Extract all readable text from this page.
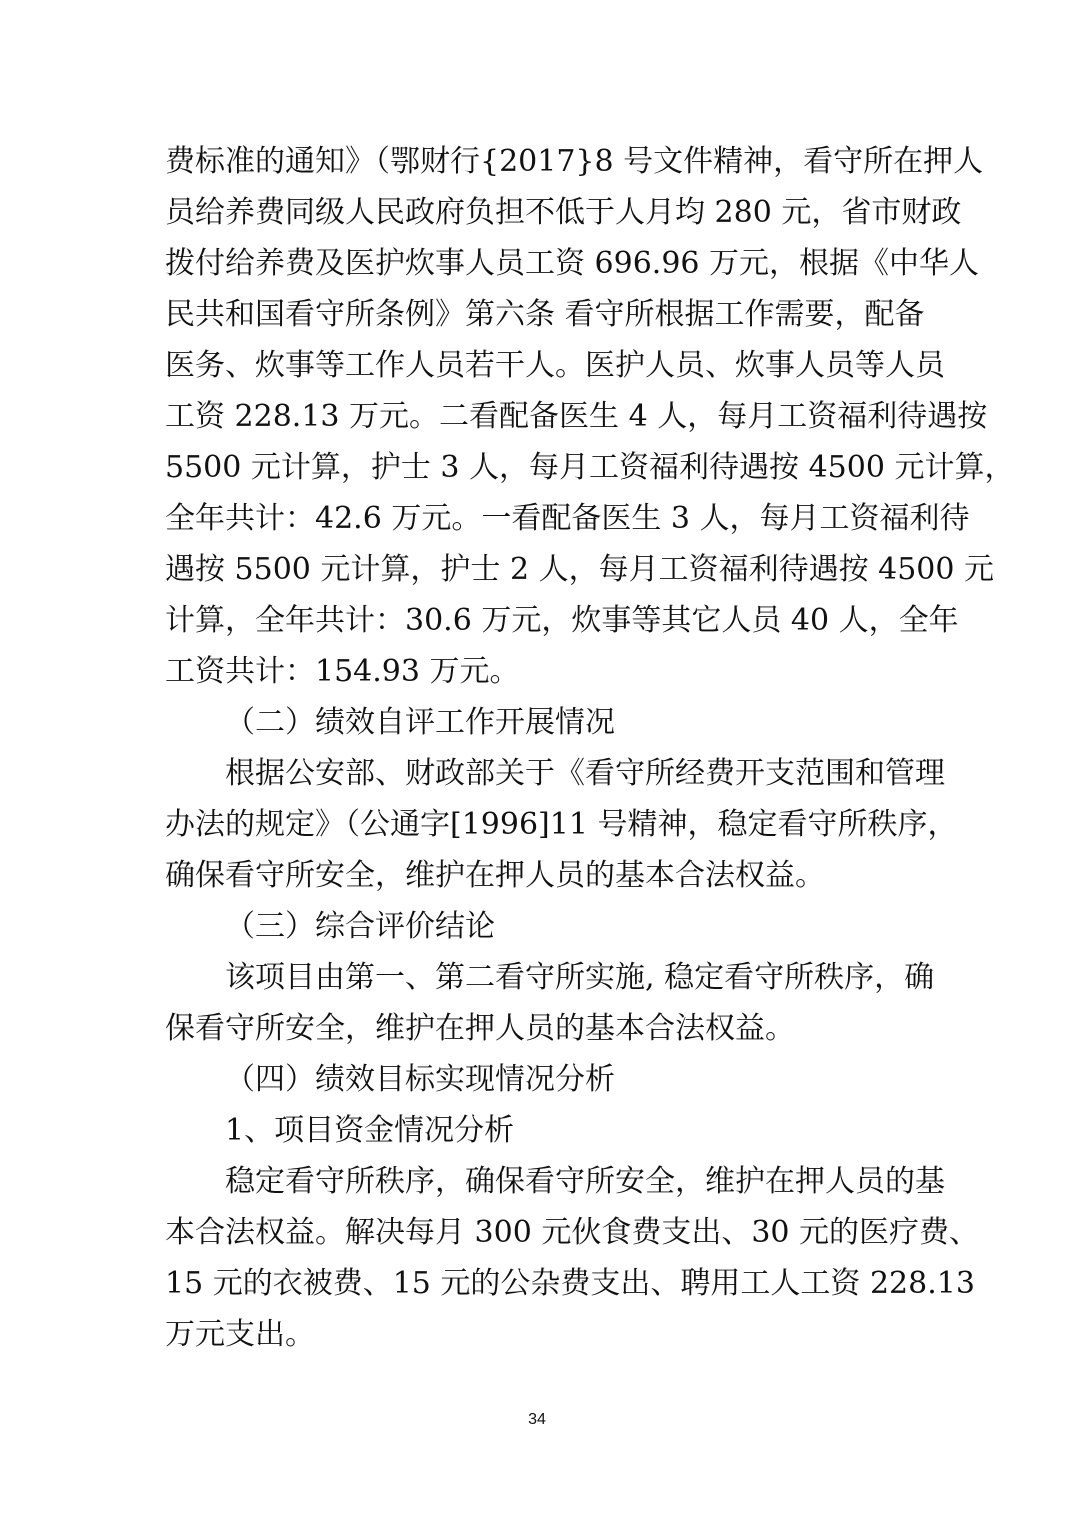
费标准的通知》（鄂财行{2017}8 号文件精神，看守所在押人
员给养费同级人民政府负担不低于人月均 280 元，省市财政
拨付给养费及医护炊事人员工资 696.96 万元，根据《中华人
民共和国看守所条例》第六条 看守所根据工作需要，配备
医务、炊事等工作人员若干人。医护人员、炊事人员等人员
工资 228.13 万元。二看配备医生 4 人，每月工资福利待遇按
5500 元计算，护士 3 人，每月工资福利待遇按 4500 元计算，
全年共计：42.6 万元。一看配备医生 3 人，每月工资福利待
遇按 5500 元计算，护士 2 人，每月工资福利待遇按 4500 元
计算，全年共计：30.6 万元，炊事等其它人员 40 人，全年
工资共计：154.93 万元。
（二）绩效自评工作开展情况
根据公安部、财政部关于《看守所经费开支范围和管理
办法的规定》（公通字[1996]11 号精神，稳定看守所秩序，
确保看守所安全，维护在押人员的基本合法权益。
（三）综合评价结论
该项目由第一、第二看守所实施, 稳定看守所秩序，确
保看守所安全，维护在押人员的基本合法权益。
（四）绩效目标实现情况分析
1、项目资金情况分析
稳定看守所秩序，确保看守所安全，维护在押人员的基
本合法权益。解决每月 300 元伙食费支出、30 元的医疗费、
15 元的衣被费、15 元的公杂费支出、聘用工人工资 228.13
万元支出。
34
